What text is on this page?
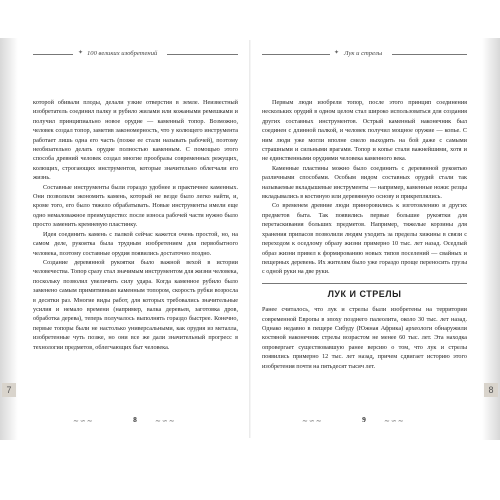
7	8
✦ 100 великих изобретений

которой обивали плоды, делали узкие отверстия в земле. Неизвестный изобретатель соединил палку и рубило жилами или кожаными ремешками и получил принципиально новое орудие — каменный топор. Возможно, человек создал топор, заметив закономерность, что у колющего инструмента работает лишь одна его часть (позже ее стали называть рабочей), поэтому необязательно делать орудие полностью каменным. С помощью этого способа древний человек создал многие прообразы современных режущих, колющих, строгающих инструментов, которые значительно облегчали его жизнь.

Составные инструменты были гораздо удобнее и практичнее каменных. Они позволили экономить камень, который не везде было легко найти, и, кроме того, его было тяжело обрабатывать. Новые инструменты имели еще одно немаловажное преимущество: после износа рабочей части нужно было просто заменить кремневую пластинку.

Идея соединить камень с палкой сейчас кажется очень простой, но, на самом деле, рукоятка была трудным изобретением для первобытного человека, поэтому составные орудия появились достаточно поздно.

Создание деревянной рукоятки было важной вехой в истории человечества. Топор сразу стал значимым инструментом для жизни человека, поскольку позволил увеличить силу удара. Когда каменное рубило было заменено самым примитивным каменным топором, скорость рубки возросла в десятки раз. Многие виды работ, для которых требовались значительные усилия и немало времени (например, валка деревьев, заготовка дров, обработка дерева), теперь получалось выполнять гораздо быстрее. Конечно, первые топоры были не настолько универсальными, как орудия из металла, изобретенные чуть позже, но они все же дали значительный прогресс в технологии предметов, облегчающих быт человека.

∼∽∼	8	∼∽∼
✦ Лук и стрелы

Первым люди изобрели топор, после этого принцип соединения нескольких орудий в одном целом стал широко использоваться для создания других составных инструментов. Острый каменный наконечник был соединен с длинной палкой, и человек получил мощное оружие — копье. С ним люди уже могли вполне смело выходить на бой даже с самыми страшными и сильными врагами. Топор и копье стали важнейшими, хотя и не единственными орудиями человека каменного века.

Каменные пластины можно было соединить с деревянной рукоятью различными способами. Особым видом составных орудий стали так называемые вкладышевые инструменты — например, каменные ножи: резцы вкладывались в костяную или деревянную основу и прикреплялись.

Со временем древние люди приноровились к изготовлению и других предметов быта. Так появились первые большие рукоятки для перетаскивания больших предметов. Например, тяжелые корзины для хранения припасов позволили людям уходить за пределы хижины в связи с переходом к оседлому образу жизни примерно 10 тыс. лет назад. Оседлый образ жизни привел к формированию новых типов поселений — свайных и пещерных деревень. Их жителям было уже гораздо проще переносить грузы с одной руки на две руки.

ЛУК И СТРЕЛЫ

Ранее считалось, что лук и стрелы были изобретены на территории современной Европы в эпоху позднего палеолита, около 30 тыс. лет назад. Однако недавно в пещере Сибуду (Южная Африка) археологи обнаружили костяной наконечник стрелы возрастом не менее 60 тыс. лет. Эта находка опровергает существовавшую ранее версию о том, что лук и стрелы появились примерно 12 тыс. лет назад, причем сдвигает историю этого изобретения почти на пятьдесят тысяч лет.

∼∽∼	9	∼∽∼
